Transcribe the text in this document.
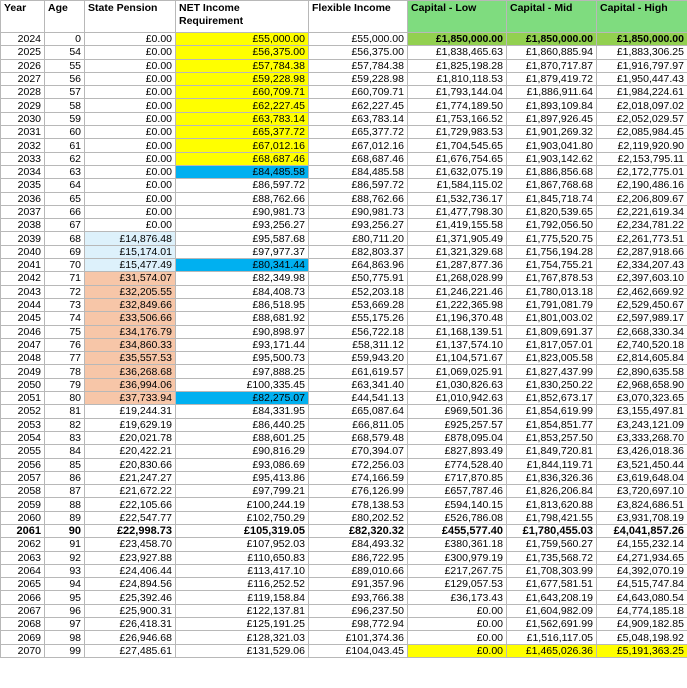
Year	Age	State Pension	NET Income Requirement	Flexible Income	Capital - Low	Capital - Mid	Capital - High
2024	0	£0.00	£55,000.00	£55,000.00	£1,850,000.00	£1,850,000.00	£1,850,000.00
2025	54	£0.00	£56,375.00	£56,375.00	£1,838,465.63	£1,860,885.94	£1,883,306.25
2026	55	£0.00	£57,784.38	£57,784.38	£1,825,198.28	£1,870,717.87	£1,916,797.97
2027	56	£0.00	£59,228.98	£59,228.98	£1,810,118.53	£1,879,419.72	£1,950,447.43
2028	57	£0.00	£60,709.71	£60,709.71	£1,793,144.04	£1,886,911.64	£1,984,224.61
2029	58	£0.00	£62,227.45	£62,227.45	£1,774,189.50	£1,893,109.84	£2,018,097.02
2030	59	£0.00	£63,783.14	£63,783.14	£1,753,166.52	£1,897,926.45	£2,052,029.57
2031	60	£0.00	£65,377.72	£65,377.72	£1,729,983.53	£1,901,269.32	£2,085,984.45
2032	61	£0.00	£67,012.16	£67,012.16	£1,704,545.65	£1,903,041.80	£2,119,920.90
2033	62	£0.00	£68,687.46	£68,687.46	£1,676,754.65	£1,903,142.62	£2,153,795.11
2034	63	£0.00	£84,485.58	£84,485.58	£1,632,075.19	£1,886,856.68	£2,172,775.01
2035	64	£0.00	£86,597.72	£86,597.72	£1,584,115.02	£1,867,768.68	£2,190,486.16
2036	65	£0.00	£88,762.66	£88,762.66	£1,532,736.17	£1,845,718.74	£2,206,809.67
2037	66	£0.00	£90,981.73	£90,981.73	£1,477,798.30	£1,820,539.65	£2,221,619.34
2038	67	£0.00	£93,256.27	£93,256.27	£1,419,155.58	£1,792,056.50	£2,234,781.22
2039	68	£14,876.48	£95,587.68	£80,711.20	£1,371,905.49	£1,775,520.75	£2,261,773.51
2040	69	£15,174.01	£97,977.37	£82,803.37	£1,321,329.68	£1,756,194.28	£2,287,918.66
2041	70	£15,477.49	£80,341.44	£64,863.96	£1,287,877.36	£1,754,755.21	£2,334,207.43
2042	71	£31,574.07	£82,349.98	£50,775.91	£1,268,028.99	£1,767,878.53	£2,397,603.10
2043	72	£32,205.55	£84,408.73	£52,203.18	£1,246,221.46	£1,780,013.18	£2,462,669.92
2044	73	£32,849.66	£86,518.95	£53,669.28	£1,222,365.98	£1,791,081.79	£2,529,450.67
2045	74	£33,506.66	£88,681.92	£55,175.26	£1,196,370.48	£1,801,003.02	£2,597,989.17
2046	75	£34,176.79	£90,898.97	£56,722.18	£1,168,139.51	£1,809,691.37	£2,668,330.34
2047	76	£34,860.33	£93,171.44	£58,311.12	£1,137,574.10	£1,817,057.01	£2,740,520.18
2048	77	£35,557.53	£95,500.73	£59,943.20	£1,104,571.67	£1,823,005.58	£2,814,605.84
2049	78	£36,268.68	£97,888.25	£61,619.57	£1,069,025.91	£1,827,437.99	£2,890,635.58
2050	79	£36,994.06	£100,335.45	£63,341.40	£1,030,826.63	£1,830,250.22	£2,968,658.90
2051	80	£37,733.94	£82,275.07	£44,541.13	£1,010,942.63	£1,852,673.17	£3,070,323.65
2052	81	£19,244.31	£84,331.95	£65,087.64	£969,501.36	£1,854,619.99	£3,155,497.81
2053	82	£19,629.19	£86,440.25	£66,811.05	£925,257.57	£1,854,851.77	£3,243,121.09
2054	83	£20,021.78	£88,601.25	£68,579.48	£878,095.04	£1,853,257.50	£3,333,268.70
2055	84	£20,422.21	£90,816.29	£70,394.07	£827,893.49	£1,849,720.81	£3,426,018.36
2056	85	£20,830.66	£93,086.69	£72,256.03	£774,528.40	£1,844,119.71	£3,521,450.44
2057	86	£21,247.27	£95,413.86	£74,166.59	£717,870.85	£1,836,326.36	£3,619,648.04
2058	87	£21,672.22	£97,799.21	£76,126.99	£657,787.46	£1,826,206.84	£3,720,697.10
2059	88	£22,105.66	£100,244.19	£78,138.53	£594,140.15	£1,813,620.88	£3,824,686.51
2060	89	£22,547.77	£102,750.29	£80,202.52	£526,786.08	£1,798,421.55	£3,931,708.19
2061	90	£22,998.73	£105,319.05	£82,320.32	£455,577.40	£1,780,455.03	£4,041,857.26
2062	91	£23,458.70	£107,952.03	£84,493.32	£380,361.18	£1,759,560.27	£4,155,232.14
2063	92	£23,927.88	£110,650.83	£86,722.95	£300,979.19	£1,735,568.72	£4,271,934.65
2064	93	£24,406.44	£113,417.10	£89,010.66	£217,267.75	£1,708,303.99	£4,392,070.19
2065	94	£24,894.56	£116,252.52	£91,357.96	£129,057.53	£1,677,581.51	£4,515,747.84
2066	95	£25,392.46	£119,158.84	£93,766.38	£36,173.43	£1,643,208.19	£4,643,080.54
2067	96	£25,900.31	£122,137.81	£96,237.50	£0.00	£1,604,982.09	£4,774,185.18
2068	97	£26,418.31	£125,191.25	£98,772.94	£0.00	£1,562,691.99	£4,909,182.85
2069	98	£26,946.68	£128,321.03	£101,374.36	£0.00	£1,516,117.05	£5,048,198.92
2070	99	£27,485.61	£131,529.06	£104,043.45	£0.00	£1,465,026.36	£5,191,363.25
